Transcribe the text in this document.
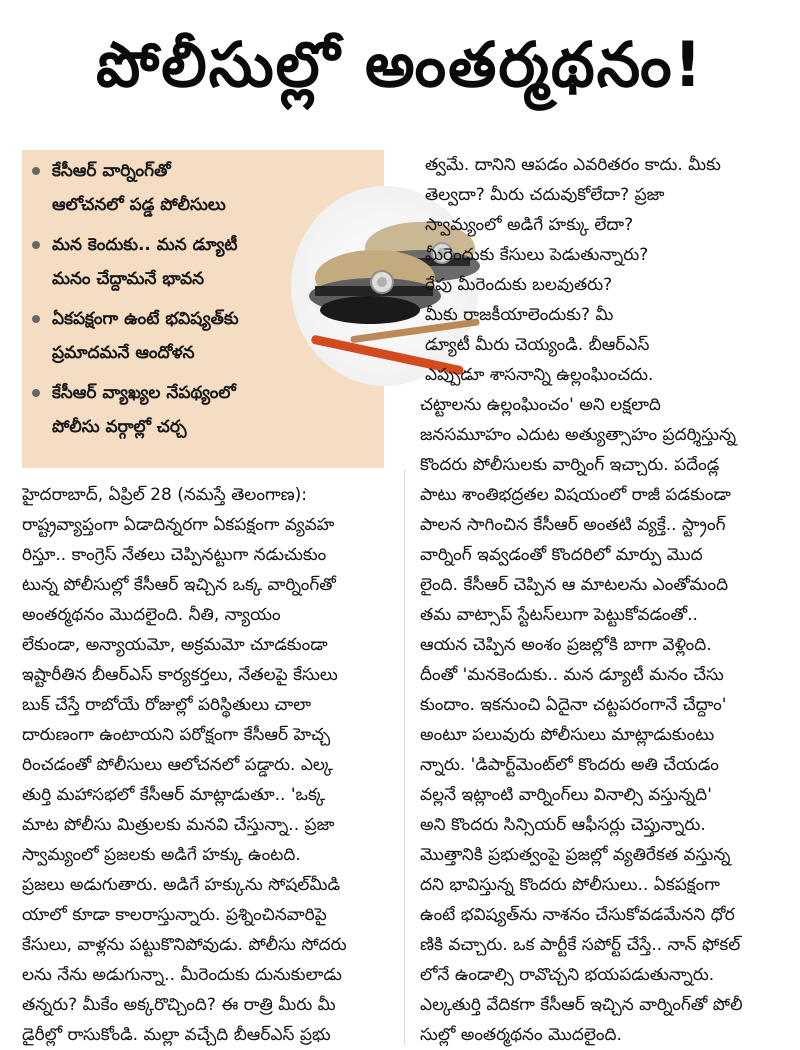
పోలీసుల్లో అంతర్మథనం!
కేసీఆర్ వార్నింగ్‌తో
ఆలోచనలో పడ్డ పోలీసులు
మన కెందుకు.. మన డ్యూటీ
మనం చేద్దామనే భావన
ఏకపక్షంగా ఉంటే భవిష్యత్‌కు
ప్రమాదమనే ఆందోళన
కేసీఆర్ వ్యాఖ్యల నేపథ్యంలో
పోలీసు వర్గాల్లో చర్చ
త్వమే. దానిని ఆపడం ఎవరితరం కాదు. మీకు
తెల్వదా? మీరు చదువుకోలేదా? ప్రజా
స్వామ్యంలో అడిగే హక్కు లేదా?
మీరెందుకు కేసులు పెడుతున్నారు?
రేపు మీరెందుకు బలవుతరు?
మీకు రాజకీయాలెందుకు? మీ
డ్యూటీ మీరు చెయ్యండి. బీఆర్ఎస్
ఎప్పుడూ శాసనాన్ని ఉల్లంఘించదు.
చట్టాలను ఉల్లంఘించం' అని లక్షలాది
జనసమూహం ఎదుట అత్యుత్సాహం ప్రదర్శిస్తున్న
కొందరు పోలీసులకు వార్నింగ్ ఇచ్చారు. పదేండ్ల
పాటు శాంతిభద్రతల విషయంలో రాజీ పడకుండా
పాలన సాగించిన కేసీఆర్ అంతటి వ్యక్తే.. స్ట్రాంగ్
వార్నింగ్ ఇవ్వడంతో కొందరిలో మార్పు మొద
లైంది. కేసీఆర్ చెప్పిన ఆ మాటలను ఎంతోమంది
తమ వాట్సాప్ స్టేటస్‌లుగా పెట్టుకోవడంతో..
ఆయన చెప్పిన అంశం ప్రజల్లోకి బాగా వెళ్లింది.
దీంతో 'మనకెందుకు.. మన డ్యూటీ మనం చేసు
కుందాం. ఇకనుంచి ఏదైనా చట్టపరంగానే చేద్దాం'
అంటూ పలువురు పోలీసులు మాట్లాడుకుంటు
న్నారు. 'డిపార్ట్‌మెంట్‌లో కొందరు అతి చేయడం
వల్లనే ఇట్లాంటి వార్నింగ్‌లు వినాల్సి వస్తున్నది'
అని కొందరు సిన్సియర్ ఆఫీసర్లు చెప్తున్నారు.
మొత్తానికి ప్రభుత్వంపై ప్రజల్లో వ్యతిరేకత వస్తున్న
దని భావిస్తున్న కొందరు పోలీసులు.. ఏకపక్షంగా
ఉంటే భవిష్యత్‌ను నాశనం చేసుకోవడమేనని ధోర
ణికి వచ్చారు. ఒక పార్టీకే సపోర్ట్ చేస్తే.. నాన్ ఫోకల్
లోనే ఉండాల్సి రావొచ్చని భయపడుతున్నారు.
ఎల్కతుర్తి వేదికగా కేసీఆర్ ఇచ్చిన వార్నింగ్‌తో పోలీ
సుల్లో అంతర్మథనం మొదలైంది.
హైదరాబాద్, ఏప్రిల్ 28 (నమస్తే తెలంగాణ):
రాష్ట్రవ్యాప్తంగా ఏడాదిన్నరగా ఏకపక్షంగా వ్యవహ
రిస్తూ.. కాంగ్రెస్ నేతలు చెప్పినట్టుగా నడుచుకుం
టున్న పోలీసుల్లో కేసీఆర్ ఇచ్చిన ఒక్క వార్నింగ్‌తో
అంతర్మథనం మొదలైంది. నీతి, న్యాయం
లేకుండా, అన్యాయమో, అక్రమమో చూడకుండా
ఇష్టారీతిన బీఆర్ఎస్ కార్యకర్తలు, నేతలపై కేసులు
బుక్ చేస్తే రాబోయే రోజుల్లో పరిస్థితులు చాలా
దారుణంగా ఉంటాయని పరోక్షంగా కేసీఆర్ హెచ్చ
రించడంతో పోలీసులు ఆలోచనలో పడ్డారు. ఎల్క
తుర్తి మహాసభలో కేసీఆర్ మాట్లాడుతూ.. 'ఒక్క
మాట పోలీసు మిత్రులకు మనవి చేస్తున్నా.. ప్రజా
స్వామ్యంలో ప్రజలకు అడిగే హక్కు ఉంటది.
ప్రజలు అడుగుతారు. అడిగే హక్కును సోషల్‌మీడి
యాలో కూడా కాలరాస్తున్నారు. ప్రశ్నించినవారిపై
కేసులు, వాళ్లను పట్టుకొనిపోవుడు. పోలీసు సోదరు
లను నేను అడుగున్నా.. మీరెందుకు దునుకులాడు
తన్నరు? మీకేం అక్కరొచ్చింది? ఈ రాత్రి మీరు మీ
డైరీల్లో రాసుకోండి. మల్లా వచ్చేది బీఆర్ఎస్ ప్రభు
